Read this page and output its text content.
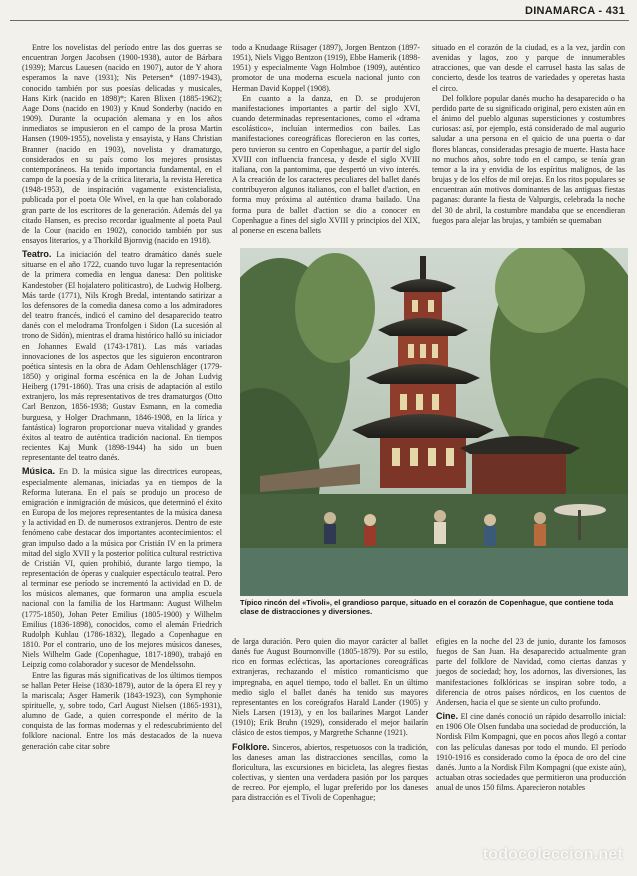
DINAMARCA - 431

Entre los novelistas del período entre las dos guerras se encuentran Jorgen Jacobsen (1900-1938), autor de Bárbara (1939); Marcus Lauesen (nacido en 1907), autor de Y ahora esperamos la nave (1931); Nis Petersen* (1897-1943), conocido también por sus poesías delicadas y musicales, Hans Kirk (nacido en 1898)*; Karen Blixen (1885-1962); Aage Dons (nacido en 1903) y Knud Sonderby (nacido en 1909). Durante la ocupación alemana y en los años inmediatos se impusieron en el campo de la prosa Martin Hansen (1909-1955), novelista y ensayista, y Hans Christian Branner (nacido en 1903), novelista y dramaturgo, considerados en su país como los mejores prosistas contemporáneos. Ha tenido importancia fundamental, en el campo de la poesía y de la crítica literaria, la revista Heretica (1948-1953), de inspiración vagamente existencialista, publicada por el poeta Ole Wivel, en la que han colaborado gran parte de los escritores de la generación. Además del ya citado Hansen, es preciso recordar igualmente al poeta Paul de la Cour (nacido en 1902), conocido también por sus ensayos literarios, y a Thorkild Bjornvig (nacido en 1918).

Teatro. La iniciación del teatro dramático danés suele situarse en el año 1722, cuando tuvo lugar la representación de la primera comedia en lengua danesa: Den politiske Kandestober (El hojalatero politicastro), de Ludwig Holberg. Más tarde (1771), Nils Krogh Bredal, intentando satirizar a los defensores de la comedia danesa como a los admiradores del teatro francés, indicó el camino del desaparecido teatro danés con el melodrama Tronfolgen i Sidon (La sucesión al trono de Sidón), mientras el drama histórico halló su iniciador en Johannes Ewald (1743-1781). Las más variadas innovaciones de los aspectos que les siguieron encontraron poética síntesis en la obra de Adam Oehlenschläger (1779-1850) y original forma escénica en la de Johan Ludvig Heiberg (1791-1860). Tras una crisis de adaptación al estilo extranjero, los más representativos de tres dramaturgos (Otto Carl Benzon, 1856-1938; Gustav Esmann, en la comedia burguesa, y Holger Drachmann, 1846-1908, en la lírica y fantástica) lograron proporcionar nueva vitalidad y grandes éxitos al teatro de auténtica tradición nacional. En tiempos recientes Kaj Munk (1898-1944) ha sido un buen representante del teatro danés.

Música. En D. la música sigue las directrices europeas, especialmente alemanas, iniciadas ya en tiempos de la Reforma luterana. En el país se produjo un proceso de emigración e inmigración de músicos, que determinó el éxito en Europa de los mejores representantes de la música danesa y la actividad en D. de numerosos extranjeros. Dentro de este fenómeno cabe destacar dos importantes acontecimientos: el gran impulso dado a la música por Cristián IV en la primera mitad del siglo XVII y la posterior política cultural restrictiva de Cristián VI, quien prohibió, durante largo tiempo, la representación de óperas y cualquier espectáculo teatral. Pero al terminar ese período se incrementó la actividad en D. de los músicos alemanes, que formaron una amplia escuela nacional con la familia de los Hartmann: August Wilhelm (1775-1850), Johan Peter Emilius (1805-1900) y Wilhelm Emilius (1836-1898), conocidos, como el alemán Friedrich Rudolph Kuhlau (1786-1832), llegado a Copenhague en 1810. Por el contrario, uno de los mejores músicos daneses, Niels Wilhelm Gade (Copenhague, 1817-1890), trabajó en Leipzig como colaborador y sucesor de Mendelssohn.

Entre las figuras más significativas de los últimos tiempos se hallan Peter Heise (1830-1879), autor de la ópera El rey y la mariscala; Asger Hamerik (1843-1923), con Symphonie spirituelle, y, sobre todo, Carl August Nielsen (1865-1931), alumno de Gade, a quien corresponde el mérito de la conquista de las formas modernas y el redescubrimiento del folklore nacional. Entre los más destacados de la nueva generación cabe citar sobre

todo a Knudaage Riisager (1897), Jorgen Bentzon (1897-1951), Niels Viggo Bentzon (1919), Ebbe Hamerik (1898-1951) y especialmente Vagn Holmboe (1909), auténtico promotor de una moderna escuela nacional junto con Herman David Koppel (1908).

En cuanto a la danza, en D. se produjeron manifestaciones importantes a partir del siglo XVI, cuando determinadas representaciones, como el «drama escolástico», incluían intermedios con bailes. Las manifestaciones coreográficas florecieron en las cortes, pero tuvieron su centro en Copenhague, a partir del siglo XVIII con influencia francesa, y desde el siglo XVIII italiana, con la pantomima, que despertó un vivo interés. A la creación de los caracteres peculiares del ballet danés contribuyeron algunos italianos, con el ballet d'action, en forma muy próxima al auténtico drama bailado. Una forma pura de ballet d'action se dio a conocer en Copenhague a fines del siglo XVIII y principios del XIX, al ponerse en escena ballets

situado en el corazón de la ciudad, es a la vez, jardín con avenidas y lagos, zoo y parque de innumerables atracciones, que van desde el carrusel hasta las salas de concierto, desde los teatros de variedades y operetas hasta el circo.

Del folklore popular danés mucho ha desaparecido o ha perdido parte de su significado original, pero existen aún en el ánimo del pueblo algunas supersticiones y costumbres curiosas: así, por ejemplo, está considerado de mal augurio saludar a una persona en el quicio de una puerta o dar flores blancas, consideradas presagio de muerte. Hasta hace no muchos años, sobre todo en el campo, se tenía gran temor a la ira y envidia de los espíritus malignos, de las brujas y de los elfos de mil orejas. En los ritos populares se encuentran aún motivos dominantes de las antiguas fiestas paganas: durante la fiesta de Valpurgis, celebrada la noche del 30 de abril, la costumbre mandaba que se encendieran fuegos para alejar las brujas, y también se quemaban

Típico rincón del «Tivoli», el grandioso parque, situado en el corazón de Copenhague, que contiene toda clase de distracciones y diversiones.

de larga duración. Pero quien dio mayor carácter al ballet danés fue August Bournonville (1805-1879). Por su estilo, rico en formas eclécticas, las aportaciones coreográficas extranjeras, rechazando el místico romanticismo que impregnaba, en aquel tiempo, todo el ballet. En un último medio siglo el ballet danés ha tenido sus mayores representantes en los coreógrafos Harald Lander (1905) y Niels Larsen (1913), y en los bailarines Margot Lander (1910); Erik Bruhn (1929), considerado el mejor bailarín clásico de estos tiempos, y Margrethe Schanne (1921).

Folklore. Sinceros, abiertos, respetuosos con la tradición, los daneses aman las distracciones sencillas, como la floricultura, las excursiones en bicicleta, las alegres fiestas colectivas, y sienten una verdadera pasión por los parques de recreo. Por ejemplo, el lugar preferido por los daneses para distracción es el Tívoli de Copenhague;

efigies en la noche del 23 de junio, durante los famosos fuegos de San Juan. Ha desaparecido actualmente gran parte del folklore de Navidad, como ciertas danzas y juegos de sociedad; hoy, los adornos, las diversiones, las manifestaciones folklóricas se inspiran sobre todo, a diferencia de otros países nórdicos, en los cuentos de Andersen, hacia el que se siente un culto profundo.

Cine. El cine danés conoció un rápido desarrollo inicial: en 1906 Ole Olsen fundaba una sociedad de producción, la Nordisk Film Kompagni, que en pocos años llegó a contar con las películas danesas por todo el mundo. El período 1910-1916 es considerado como la época de oro del cine danés. Junto a la Nordisk Film Kompagni (que existe aún), actuaban otras sociedades que permitieron una producción anual de unos 150 films. Aparecieron notables

todocoleccion.net
